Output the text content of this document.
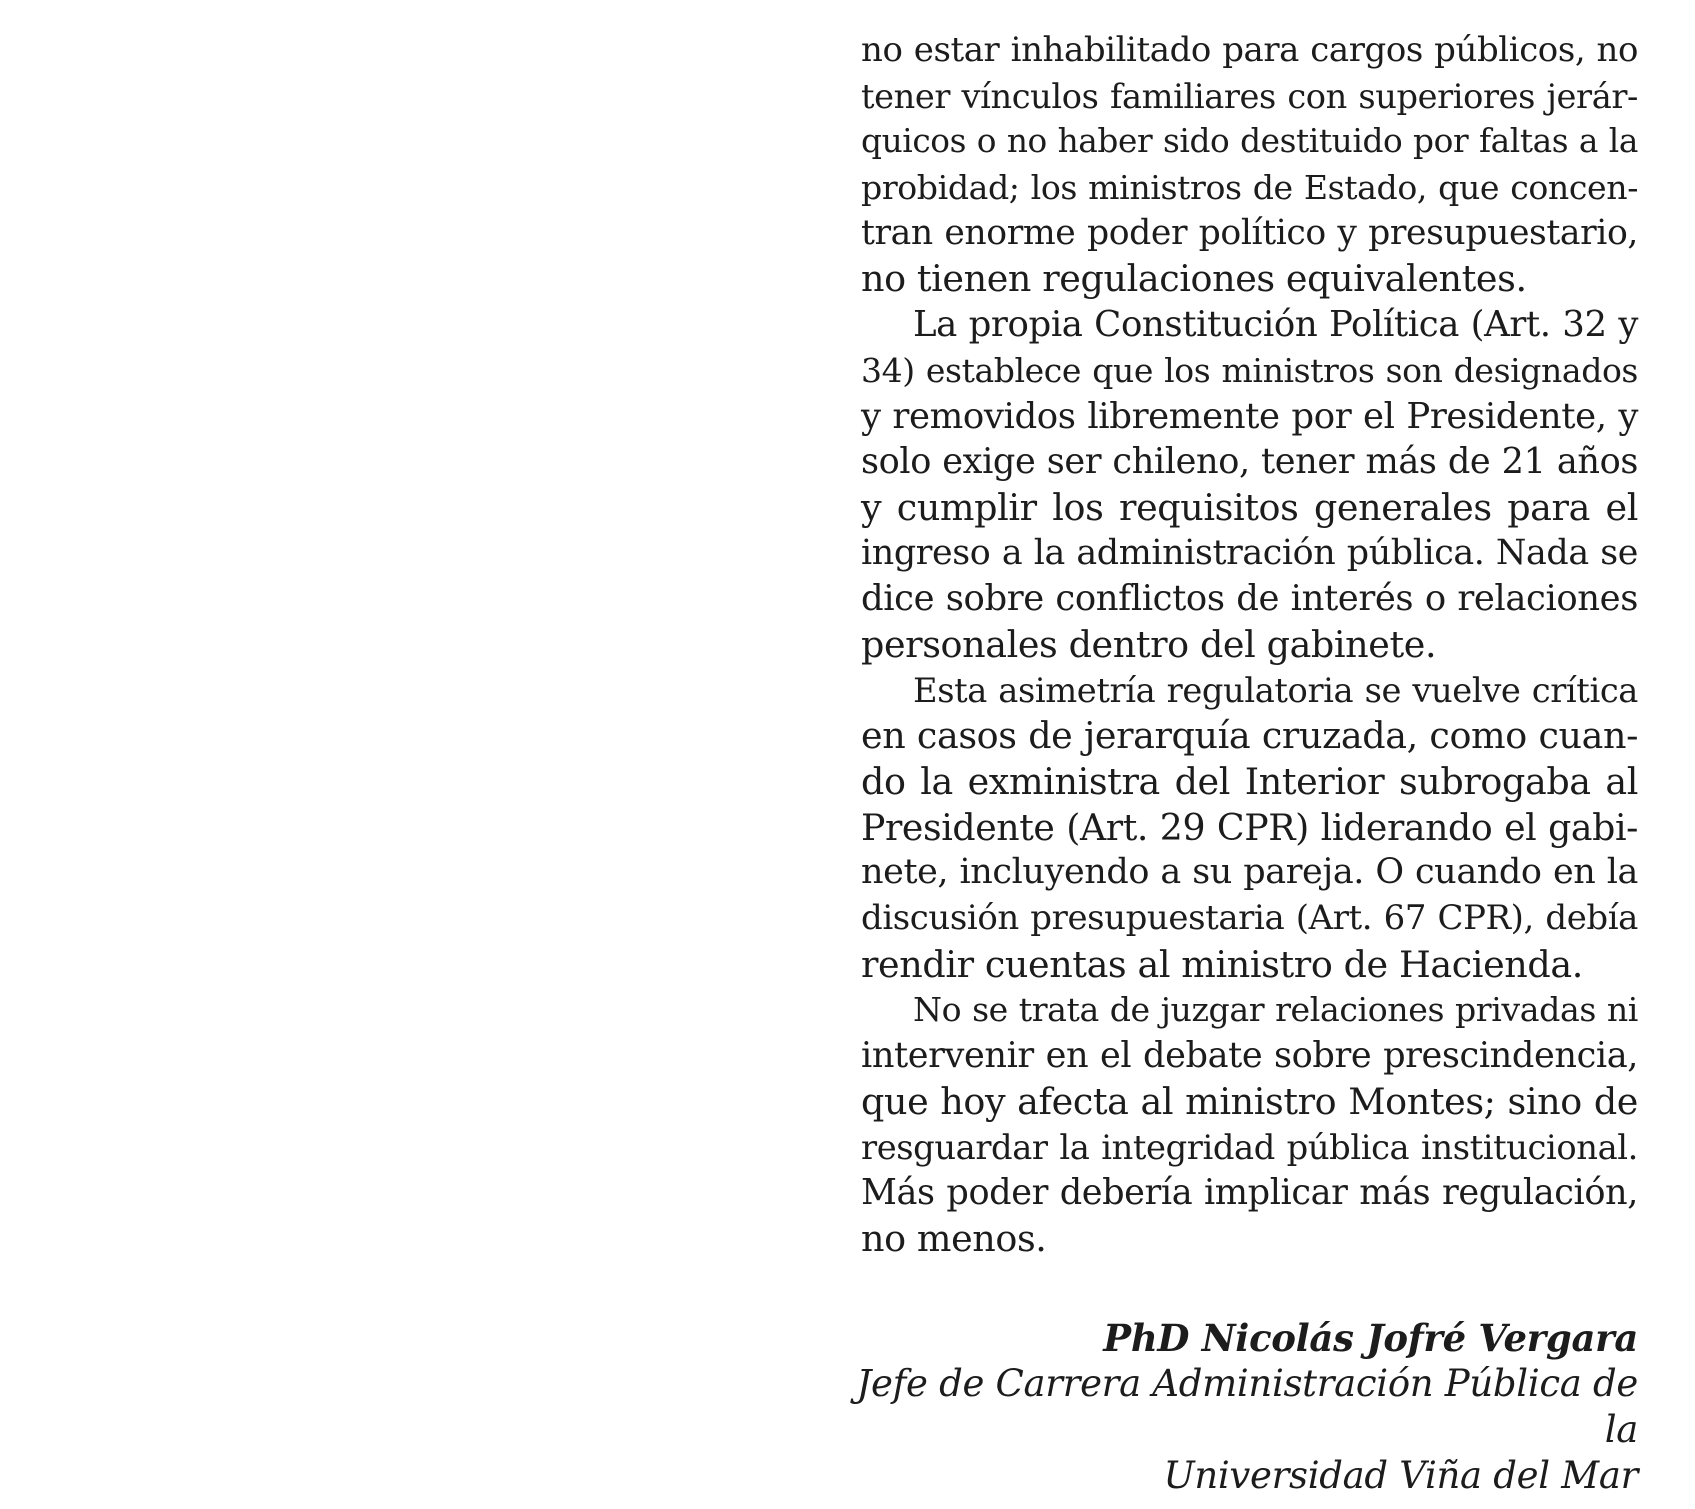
no estar inhabilitado para cargos públicos, no
tener vínculos familiares con superiores jerár-
quicos o no haber sido destituido por faltas a la
probidad; los ministros de Estado, que concen-
tran enorme poder político y presupuestario,
no tienen regulaciones equivalentes.
La propia Constitución Política (Art. 32 y
34) establece que los ministros son designados
y removidos libremente por el Presidente, y
solo exige ser chileno, tener más de 21 años
y cumplir los requisitos generales para el
ingreso a la administración pública. Nada se
dice sobre conflictos de interés o relaciones
personales dentro del gabinete.
Esta asimetría regulatoria se vuelve crítica
en casos de jerarquía cruzada, como cuan-
do la exministra del Interior subrogaba al
Presidente (Art. 29 CPR) liderando el gabi-
nete, incluyendo a su pareja. O cuando en la
discusión presupuestaria (Art. 67 CPR), debía
rendir cuentas al ministro de Hacienda.
No se trata de juzgar relaciones privadas ni
intervenir en el debate sobre prescindencia,
que hoy afecta al ministro Montes; sino de
resguardar la integridad pública institucional.
Más poder debería implicar más regulación,
no menos.
PhD Nicolás Jofré Vergara
Jefe de Carrera Administración Pública de la
Universidad Viña del Mar
